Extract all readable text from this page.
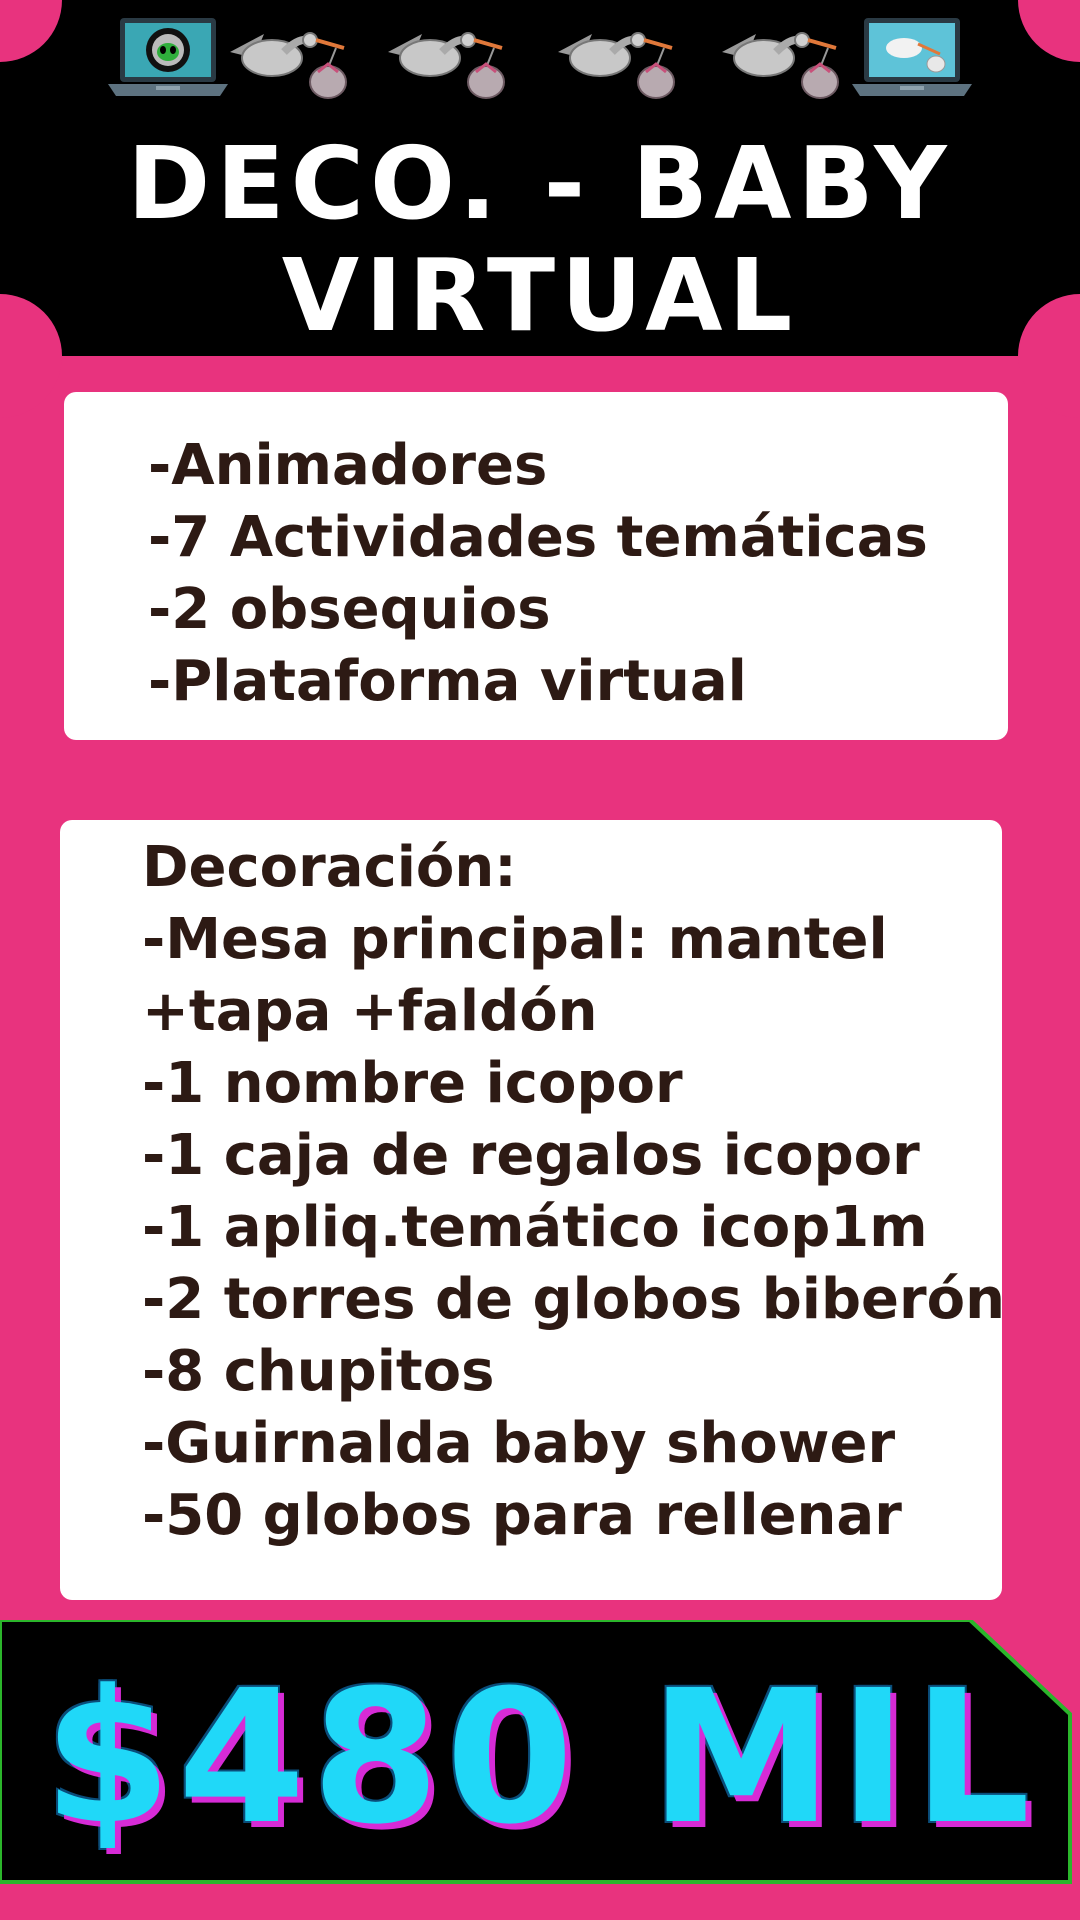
DECO. - BABY
VIRTUAL
-Animadores
-7 Actividades temáticas
-2 obsequios
-Plataforma virtual
Decoración:
-Mesa principal: mantel
+tapa +faldón
-1 nombre icopor
-1 caja de regalos icopor
-1 apliq.temático icop1m
-2 torres de globos biberón
-8 chupitos
-Guirnalda baby shower
-50 globos para rellenar
$480 MIL
